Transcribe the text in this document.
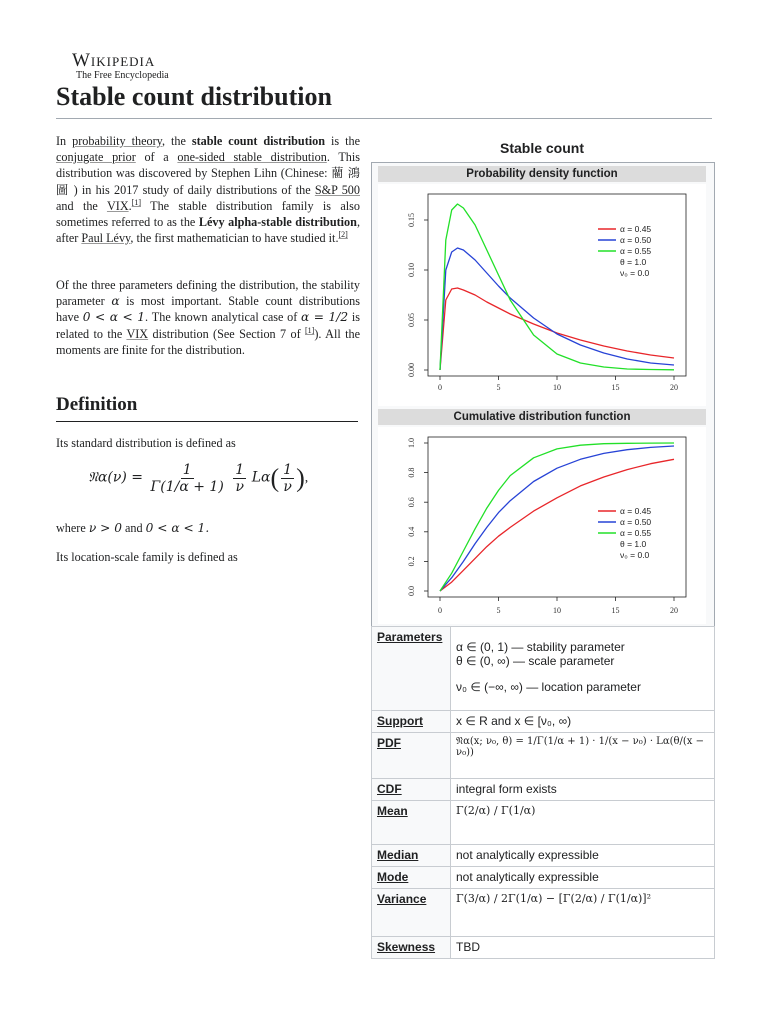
Wikipedia
The Free Encyclopedia
Stable count distribution

In probability theory, the stable count distribution is the conjugate prior of a one-sided stable distribution. This distribution was discovered by Stephen Lihn (Chinese: 藺 鴻 圖 ) in his 2017 study of daily distributions of the S&P 500 and the VIX.[1] The stable distribution family is also sometimes referred to as the Lévy alpha-stable distribution, after Paul Lévy, the first mathematician to have studied it.[2]

Of the three parameters defining the distribution, the stability parameter α is most important. Stable count distributions have 0 < α < 1. The known analytical case of α = 1/2 is related to the VIX distribution (See Section 7 of [1]). All the moments are finite for the distribution.

Definition

Its standard distribution is defined as

𝔑α(ν) = $\frac{1}{\Gamma(1/\alpha + 1)}$
$\frac{1}{\nu} L\alpha( \frac{1}{\nu}$ ),

where ν > 0 and 0 < α < 1.

Its location-scale family is defined as

Stable count
Probability density function
0	5	10	15	20
0.00
0.05
0.10
0.15
α = 0.45
α = 0.50
α = 0.55
θ = 1.0
ν₀ = 0.0
Cumulative distribution function
0	5	10	15	20
0.0
0.2
0.4
0.6
0.8
1.0
α = 0.45
α = 0.50
α = 0.55
θ = 1.0
ν₀ = 0.0
Parameters	α ∈ (0, 1) — stability parameter
θ ∈ (0, ∞) — scale parameter
ν₀ ∈ (−∞, ∞) — location parameter

Support	x ∈ R and x ∈ [ν₀, ∞)
PDF	𝔑α(x; ν₀, θ) = 1/Γ(1/α + 1) · 1/(x − ν₀) · Lα(θ/(x − ν₀))
CDF	integral form exists
Mean	Γ(2/α) / Γ(1/α)
Median	not analytically expressible
Mode	not analytically expressible
Variance	Γ(3/α) / 2Γ(1/α) − [Γ(2/α) / Γ(1/α)]²
Skewness	TBD
